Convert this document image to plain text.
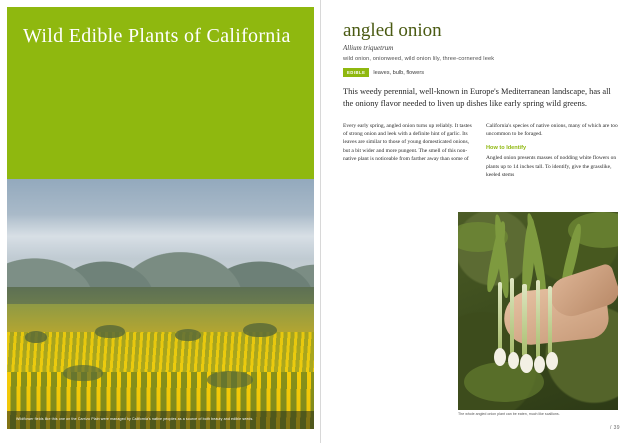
Wild Edible Plants of California
Wildflower fields like this one on the Carrizo Plain were managed by California's native peoples as a source of both beauty and edible seeds.
angled onion
Allium triquetrum
wild onion, onionweed, wild onion lily, three-cornered leek
EDIBLE	leaves, bulb, flowers

This weedy perennial, well-known in Europe's Mediterranean landscape, has all the oniony flavor needed to liven up dishes like early spring wild greens.

Every early spring, angled onion turns up reliably. It tastes of strong onion and leek with a definite hint of garlic. Its leaves are similar to those of young domesticated onions, but a bit wider and more pungent. The smell of this non-native plant is noticeable from farther away than some of

California's species of native onions, many of which are too uncommon to be foraged.

How to Identify

Angled onion presents masses of nodding white flowers on plants up to 14 inches tall. To identify, give the grasslike, keeled stems

The whole angled onion plant can be eaten, much like scallions.
/ 39
